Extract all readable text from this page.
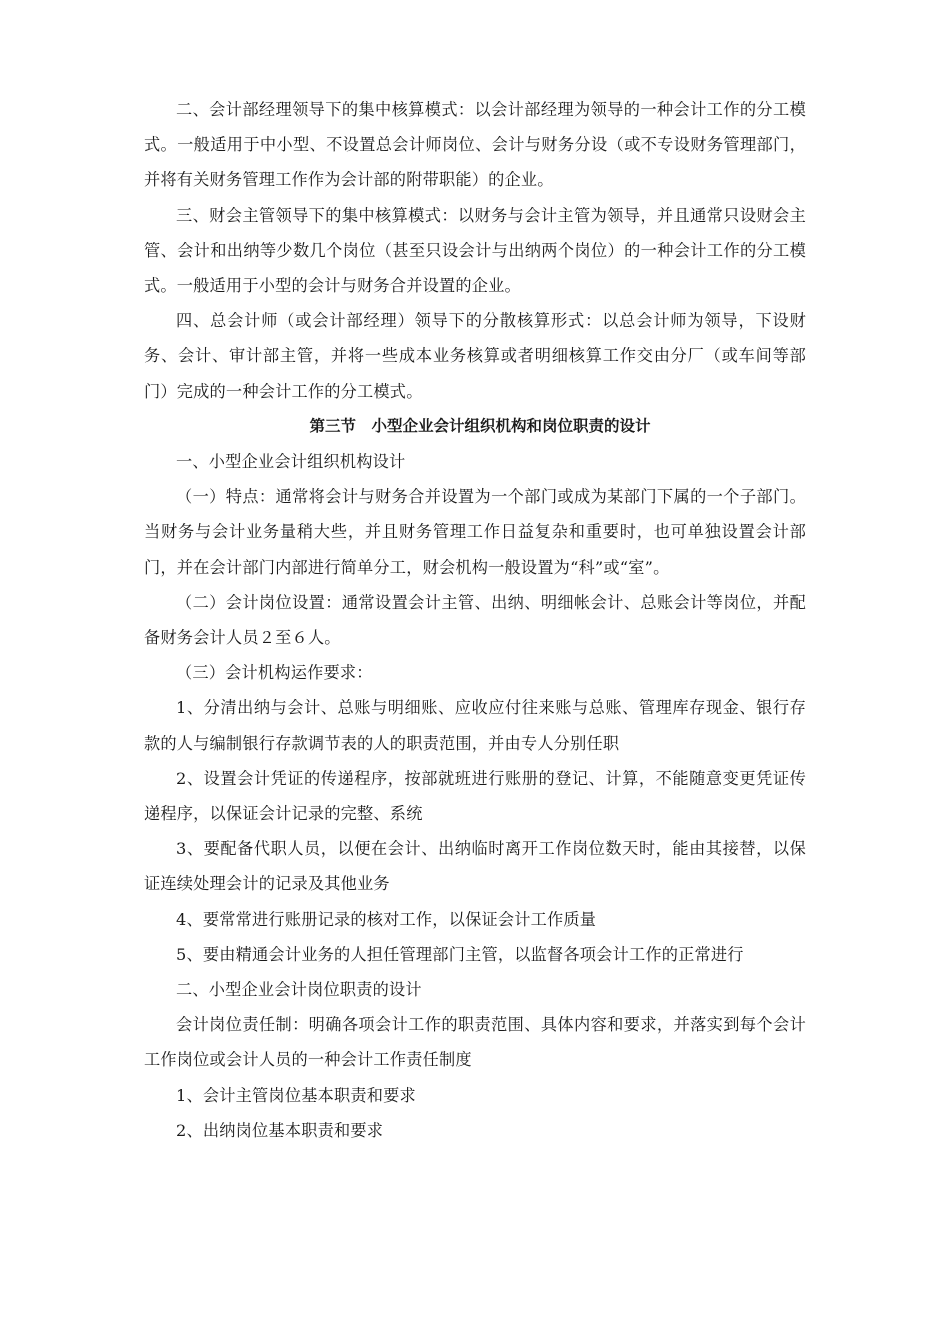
二、会计部经理领导下的集中核算模式：以会计部经理为领导的一种会计工作的分工模式。一般适用于中小型、不设置总会计师岗位、会计与财务分设（或不专设财务管理部门，并将有关财务管理工作作为会计部的附带职能）的企业。

三、财会主管领导下的集中核算模式：以财务与会计主管为领导，并且通常只设财会主管、会计和出纳等少数几个岗位（甚至只设会计与出纳两个岗位）的一种会计工作的分工模式。一般适用于小型的会计与财务合并设置的企业。

四、总会计师（或会计部经理）领导下的分散核算形式：以总会计师为领导，下设财务、会计、审计部主管，并将一些成本业务核算或者明细核算工作交由分厂（或车间等部门）完成的一种会计工作的分工模式。

第三节　小型企业会计组织机构和岗位职责的设计

一、小型企业会计组织机构设计

（一）特点：通常将会计与财务合并设置为一个部门或成为某部门下属的一个子部门。当财务与会计业务量稍大些，并且财务管理工作日益复杂和重要时，也可单独设置会计部门，并在会计部门内部进行简单分工，财会机构一般设置为“科”或“室”。

（二）会计岗位设置：通常设置会计主管、出纳、明细帐会计、总账会计等岗位，并配备财务会计人员２至６人。

（三）会计机构运作要求：

1、分清出纳与会计、总账与明细账、应收应付往来账与总账、管理库存现金、银行存款的人与编制银行存款调节表的人的职责范围，并由专人分别任职

2、设置会计凭证的传递程序，按部就班进行账册的登记、计算，不能随意变更凭证传递程序，以保证会计记录的完整、系统

3、要配备代职人员，以便在会计、出纳临时离开工作岗位数天时，能由其接替，以保证连续处理会计的记录及其他业务

4、要常常进行账册记录的核对工作，以保证会计工作质量

5、要由精通会计业务的人担任管理部门主管，以监督各项会计工作的正常进行

二、小型企业会计岗位职责的设计

会计岗位责任制：明确各项会计工作的职责范围、具体内容和要求，并落实到每个会计工作岗位或会计人员的一种会计工作责任制度

1、会计主管岗位基本职责和要求

2、出纳岗位基本职责和要求
